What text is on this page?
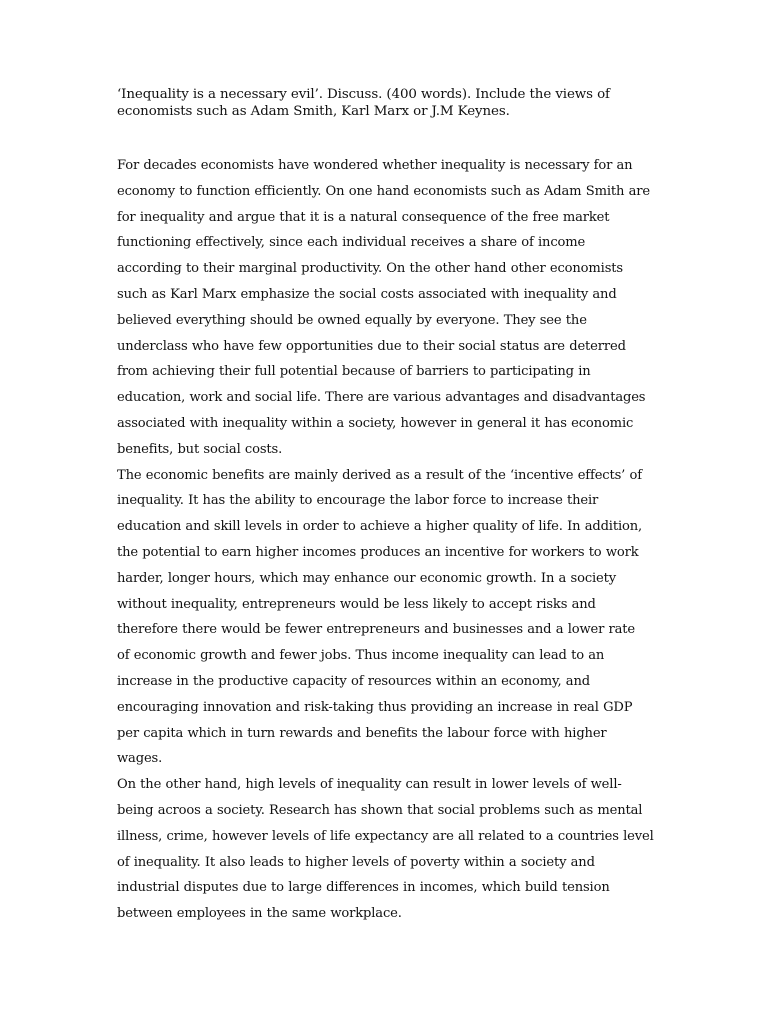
‘Inequality is a necessary evil’. Discuss. (400 words). Include the views of
economists such as Adam Smith, Karl Marx or J.M Keynes.
For decades economists have wondered whether inequality is necessary for an
economy to function efficiently. On one hand economists such as Adam Smith are
for inequality and argue that it is a natural consequence of the free market
functioning effectively, since each individual receives a share of income
according to their marginal productivity. On the other hand other economists
such as Karl Marx emphasize the social costs associated with inequality and
believed everything should be owned equally by everyone. They see the
underclass who have few opportunities due to their social status are deterred
from achieving their full potential because of barriers to participating in
education, work and social life. There are various advantages and disadvantages
associated with inequality within a society, however in general it has economic
benefits, but social costs.
The economic benefits are mainly derived as a result of the ‘incentive effects’ of
inequality. It has the ability to encourage the labor force to increase their
education and skill levels in order to achieve a higher quality of life. In addition,
the potential to earn higher incomes produces an incentive for workers to work
harder, longer hours, which may enhance our economic growth. In a society
without inequality, entrepreneurs would be less likely to accept risks and
therefore there would be fewer entrepreneurs and businesses and a lower rate
of economic growth and fewer jobs. Thus income inequality can lead to an
increase in the productive capacity of resources within an economy, and
encouraging innovation and risk-taking thus providing an increase in real GDP
per capita which in turn rewards and benefits the labour force with higher
wages.
On the other hand, high levels of inequality can result in lower levels of well-
being acroos a society. Research has shown that social problems such as mental
illness, crime, however levels of life expectancy are all related to a countries level
of inequality. It also leads to higher levels of poverty within a society and
industrial disputes due to large differences in incomes, which build tension
between employees in the same workplace.
